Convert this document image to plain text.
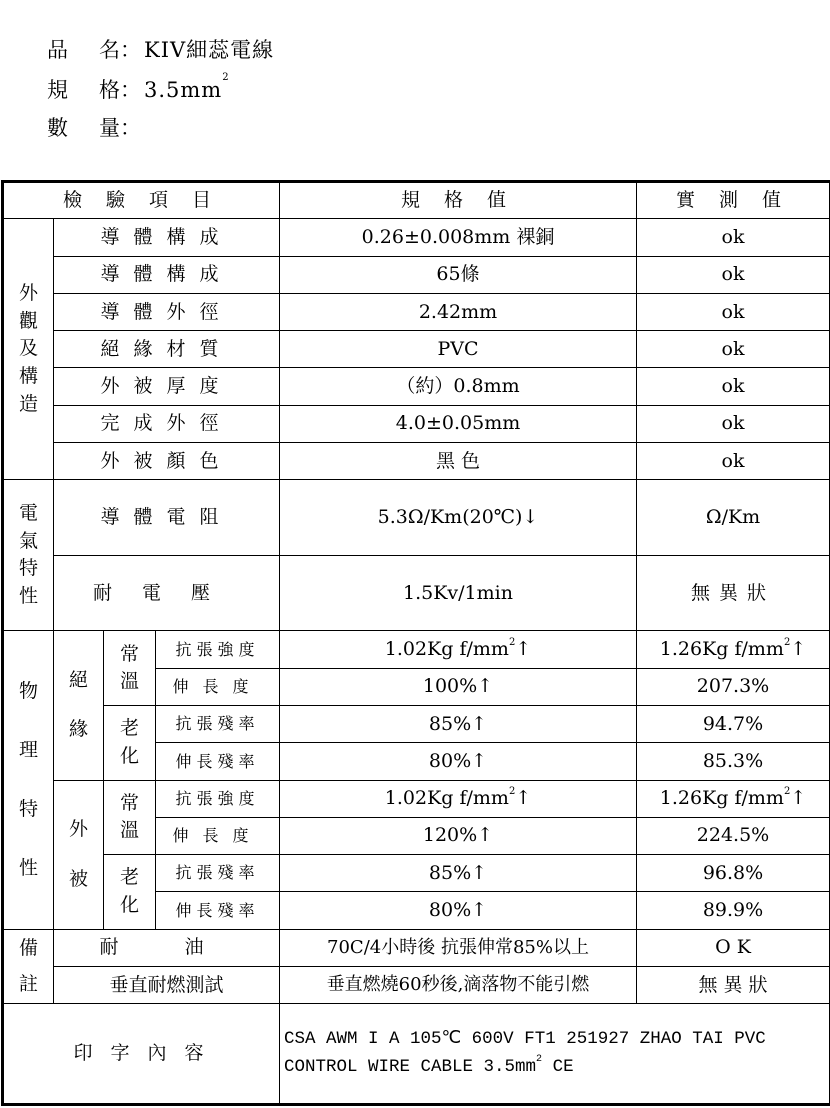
品 名： KIV細蕊電線
規 格： $3.5mm^2$
數 量：
檢 驗 項 目				規 格 值	實 測 值
外觀及構造	導體構成			0.26±0.008mm 裸銅	ok
	導體構成			65條	ok
	導體外徑			2.42mm	ok
	絕緣材質			PVC	ok
	外被厚度			（約）0.8mm	ok
	完成外徑			4.0±0.05mm	ok
	外被顏色			黑 色	ok
電氣特性	導體電阻			5.3Ω/Km(20℃)↓	Ω/Km
	耐電壓			1.5Kv/1min	無異狀
物理特性	絕緣	常溫	抗張強度	1.02Kg $f/mm^2↑$	1.26Kg $f/mm^2↑$
			伸長度	100%↑	207.3%
		老化	抗張殘率	85%↑	94.7%
			伸長殘率	80%↑	85.3%
	外被	常溫	抗張強度	1.02Kg $f/mm^2↑$	1.26Kg $f/mm^2↑$
			伸長度	120%↑	224.5%
		老化	抗張殘率	85%↑	96.8%
			伸長殘率	80%↑	89.9%
備註	耐 油			70C/4小時後 抗張伸常85%以上	O K
	垂直耐燃測試			垂直燃燒60秒後,滴落物不能引燃	無 異 狀
印 字 內 容				CSA AWM I A 105℃ 600V FT1 251927 ZHAO TAI PVC
CONTROL WIRE CABLE $3.5mm^2$ CE	
